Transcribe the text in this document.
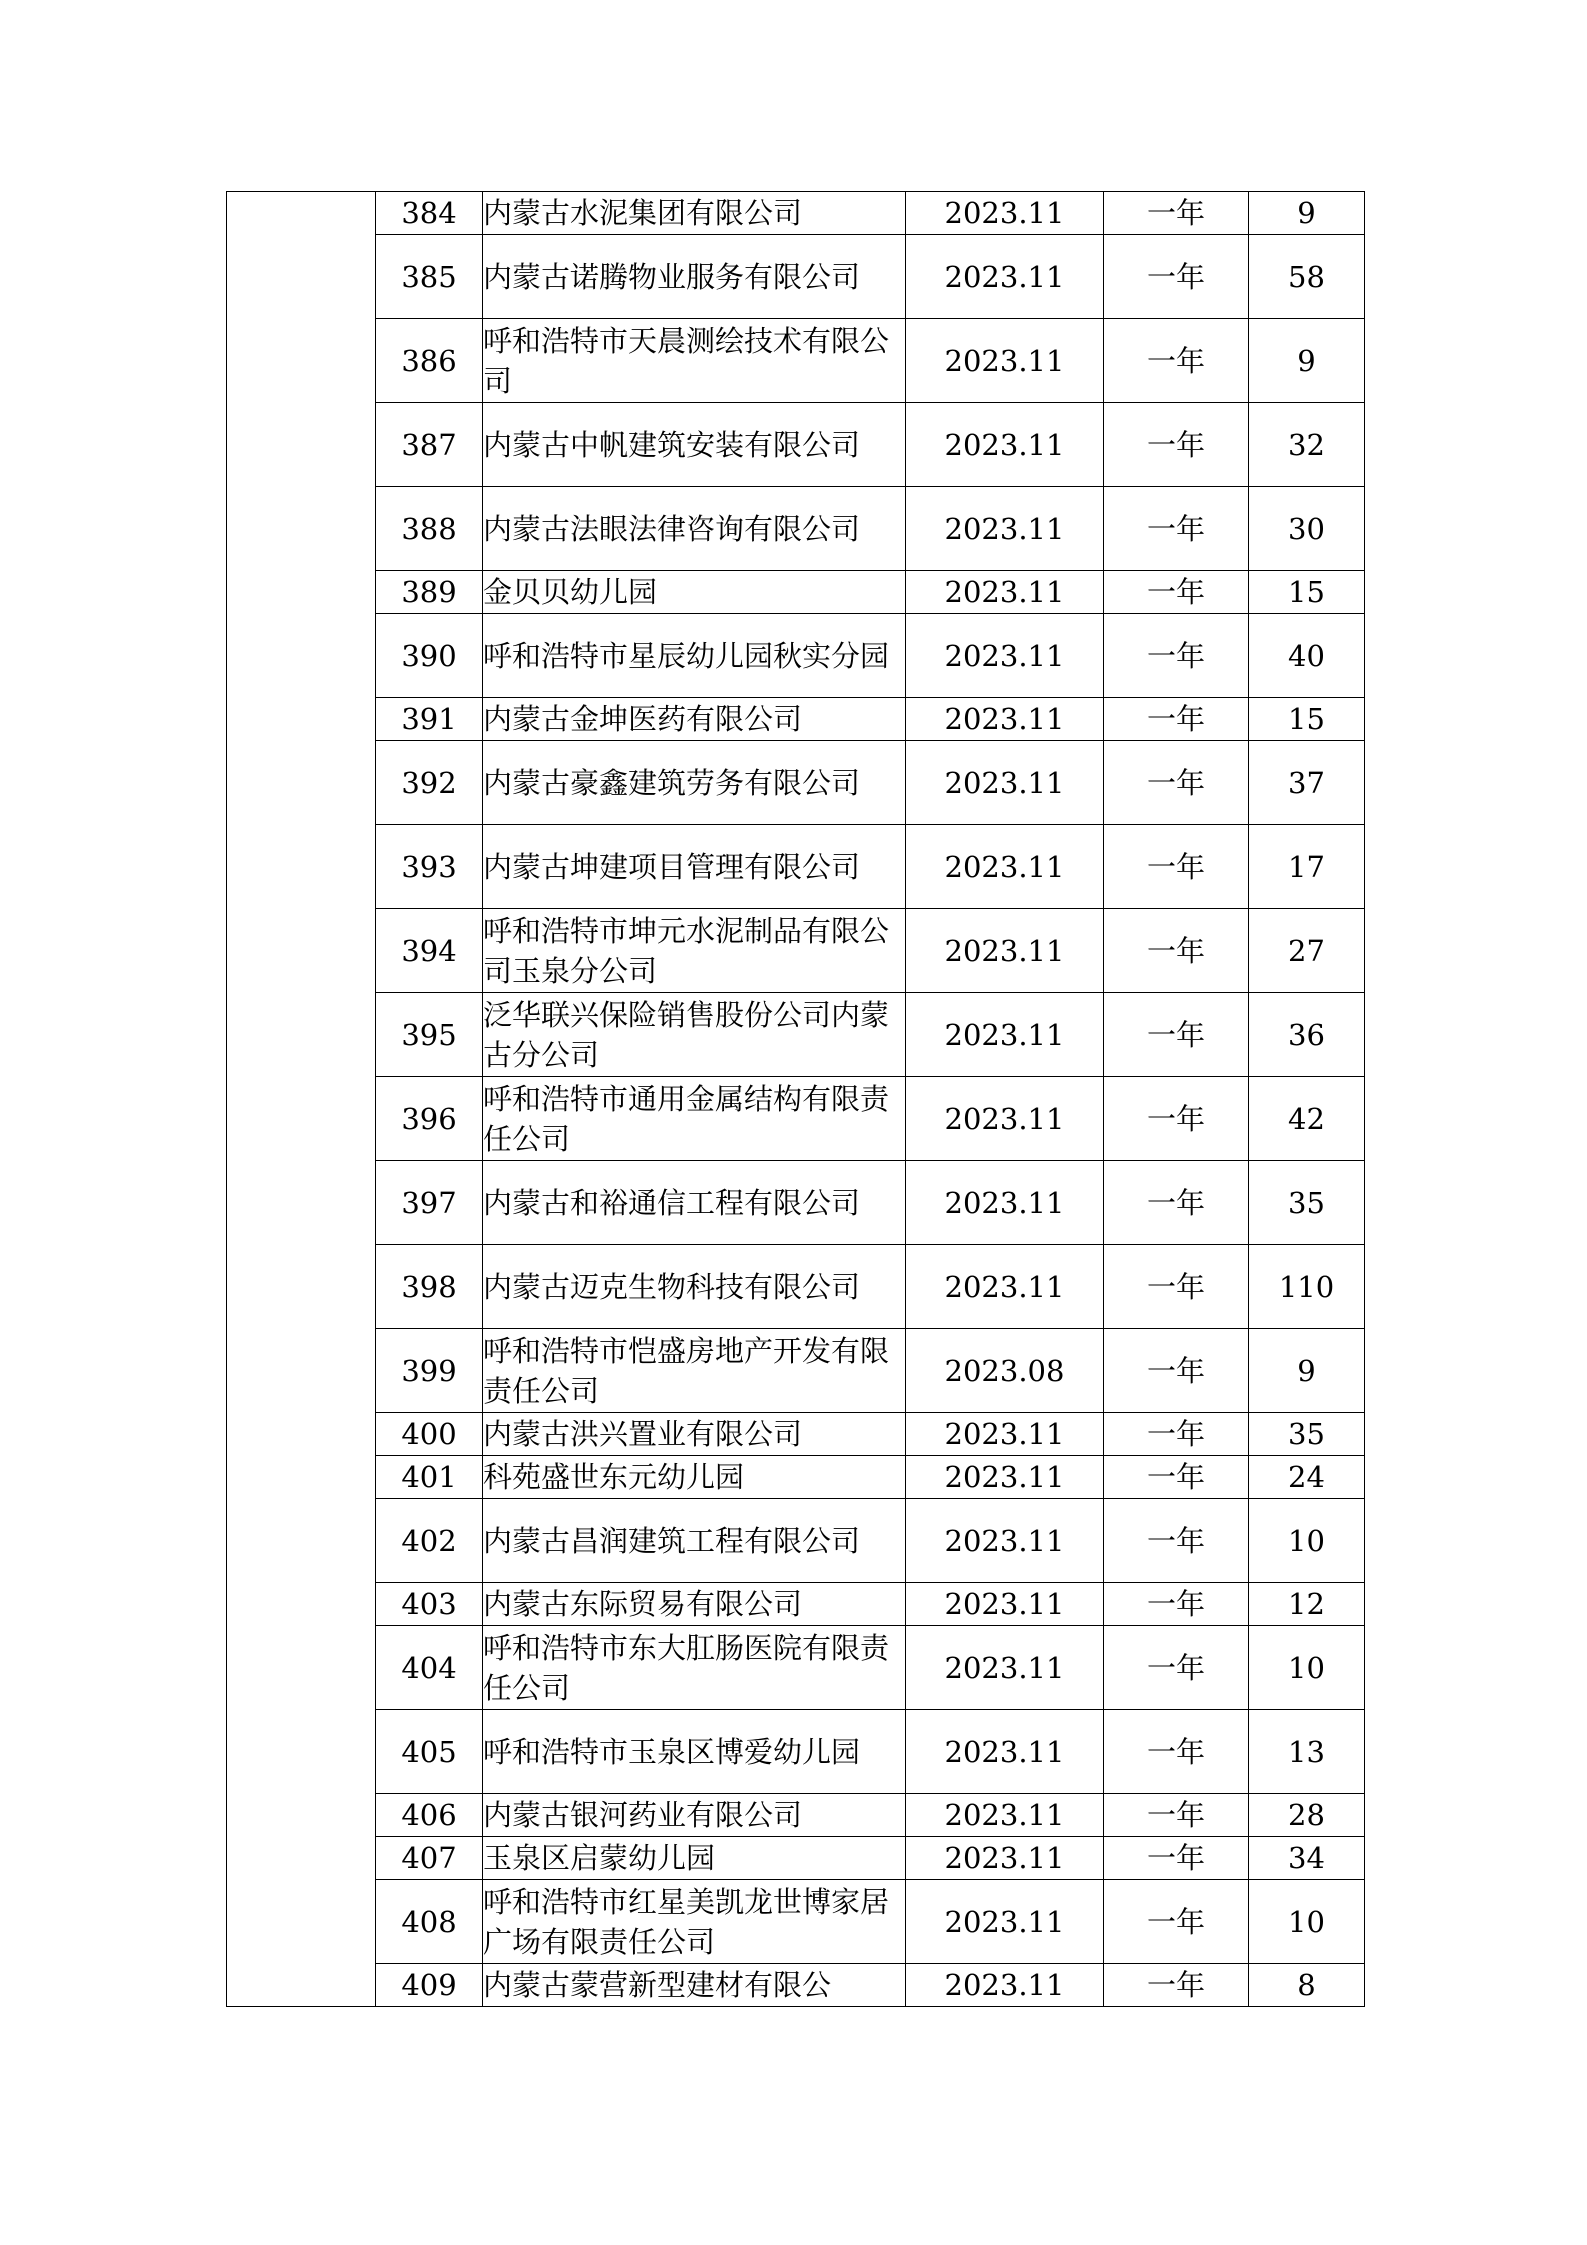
	384	内蒙古水泥集团有限公司	2023.11	一年	9
	385	内蒙古诺腾物业服务有限公司	2023.11	一年	58
	386	呼和浩特市天晨测绘技术有限公司	2023.11	一年	9
	387	内蒙古中帆建筑安装有限公司	2023.11	一年	32
	388	内蒙古法眼法律咨询有限公司	2023.11	一年	30
	389	金贝贝幼儿园	2023.11	一年	15
	390	呼和浩特市星辰幼儿园秋实分园	2023.11	一年	40
	391	内蒙古金坤医药有限公司	2023.11	一年	15
	392	内蒙古豪鑫建筑劳务有限公司	2023.11	一年	37
	393	内蒙古坤建项目管理有限公司	2023.11	一年	17
	394	呼和浩特市坤元水泥制品有限公司玉泉分公司	2023.11	一年	27
	395	泛华联兴保险销售股份公司内蒙古分公司	2023.11	一年	36
	396	呼和浩特市通用金属结构有限责任公司	2023.11	一年	42
	397	内蒙古和裕通信工程有限公司	2023.11	一年	35
	398	内蒙古迈克生物科技有限公司	2023.11	一年	110
	399	呼和浩特市恺盛房地产开发有限责任公司	2023.08	一年	9
	400	内蒙古洪兴置业有限公司	2023.11	一年	35
	401	科苑盛世东元幼儿园	2023.11	一年	24
	402	内蒙古昌润建筑工程有限公司	2023.11	一年	10
	403	内蒙古东际贸易有限公司	2023.11	一年	12
	404	呼和浩特市东大肛肠医院有限责任公司	2023.11	一年	10
	405	呼和浩特市玉泉区博爱幼儿园	2023.11	一年	13
	406	内蒙古银河药业有限公司	2023.11	一年	28
	407	玉泉区启蒙幼儿园	2023.11	一年	34
	408	呼和浩特市红星美凯龙世博家居广场有限责任公司	2023.11	一年	10
	409	内蒙古蒙营新型建材有限公	2023.11	一年	8
